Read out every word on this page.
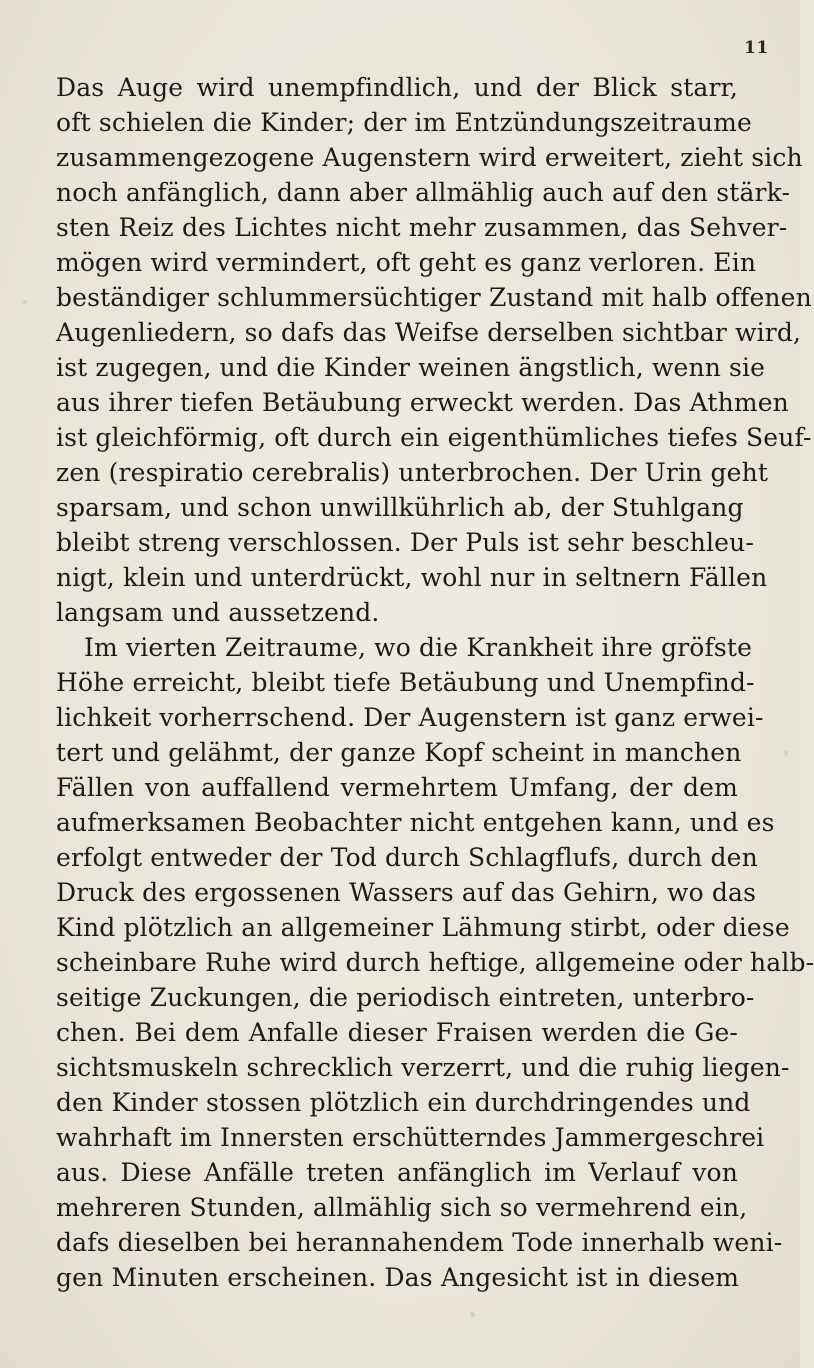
11
Das Auge wird unempfindlich, und der Blick starr,
oft schielen die Kinder; der im Entzündungszeitraume
zusammengezogene Augenstern wird erweitert, zieht sich
noch anfänglich, dann aber allmählig auch auf den stärk-
sten Reiz des Lichtes nicht mehr zusammen, das Sehver-
mögen wird vermindert, oft geht es ganz verloren. Ein
beständiger schlummersüchtiger Zustand mit halb offenen
Augenliedern, so dafs das Weifse derselben sichtbar wird,
ist zugegen, und die Kinder weinen ängstlich, wenn sie
aus ihrer tiefen Betäubung erweckt werden. Das Athmen
ist gleichförmig, oft durch ein eigenthümliches tiefes Seuf-
zen (respiratio cerebralis) unterbrochen. Der Urin geht
sparsam, und schon unwillkührlich ab, der Stuhlgang
bleibt streng verschlossen. Der Puls ist sehr beschleu-
nigt, klein und unterdrückt, wohl nur in seltnern Fällen
langsam und aussetzend.
Im vierten Zeitraume, wo die Krankheit ihre gröfste
Höhe erreicht, bleibt tiefe Betäubung und Unempfind-
lichkeit vorherrschend. Der Augenstern ist ganz erwei-
tert und gelähmt, der ganze Kopf scheint in manchen
Fällen von auffallend vermehrtem Umfang, der dem
aufmerksamen Beobachter nicht entgehen kann, und es
erfolgt entweder der Tod durch Schlagflufs, durch den
Druck des ergossenen Wassers auf das Gehirn, wo das
Kind plötzlich an allgemeiner Lähmung stirbt, oder diese
scheinbare Ruhe wird durch heftige, allgemeine oder halb-
seitige Zuckungen, die periodisch eintreten, unterbro-
chen. Bei dem Anfalle dieser Fraisen werden die Ge-
sichtsmuskeln schrecklich verzerrt, und die ruhig liegen-
den Kinder stossen plötzlich ein durchdringendes und
wahrhaft im Innersten erschütterndes Jammergeschrei
aus. Diese Anfälle treten anfänglich im Verlauf von
mehreren Stunden, allmählig sich so vermehrend ein,
dafs dieselben bei herannahendem Tode innerhalb weni-
gen Minuten erscheinen. Das Angesicht ist in diesem
